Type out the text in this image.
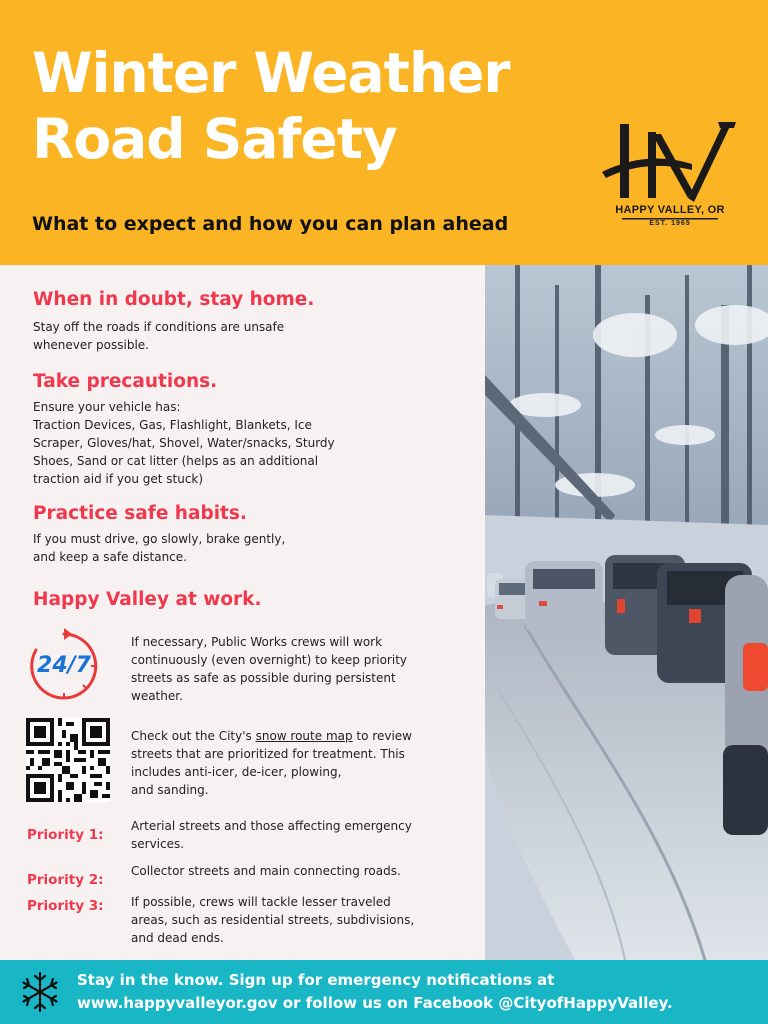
Winter Weather
Road Safety

What to expect and how you can plan ahead

HAPPY VALLEY, OR
EST. 1965
When in doubt, stay home.

Stay off the roads if conditions are unsafe
whenever possible.

Take precautions.

Ensure your vehicle has:
Traction Devices, Gas, Flashlight, Blankets, Ice
Scraper, Gloves/hat, Shovel, Water/snacks, Sturdy
Shoes, Sand or cat litter (helps as an additional
traction aid if you get stuck)

Practice safe habits.

If you must drive, go slowly, brake gently,
and keep a safe distance.

Happy Valley at work.
24/7

If necessary, Public Works crews will work
continuously (even overnight) to keep priority
streets as safe as possible during persistent
weather.

Check out the City's snow route map to review
streets that are prioritized for treatment. This
includes anti-icer, de-icer, plowing,
and sanding.

Priority 1:

Arterial streets and those affecting emergency
services.

Priority 2:

Collector streets and main connecting roads.

Priority 3: If possible, crews will tackle lesser traveled
areas, such as residential streets, subdivisions,
and dead ends.

Stay in the know. Sign up for emergency notifications at
www.happyvalleyor.gov or follow us on Facebook @CityofHappyValley.
